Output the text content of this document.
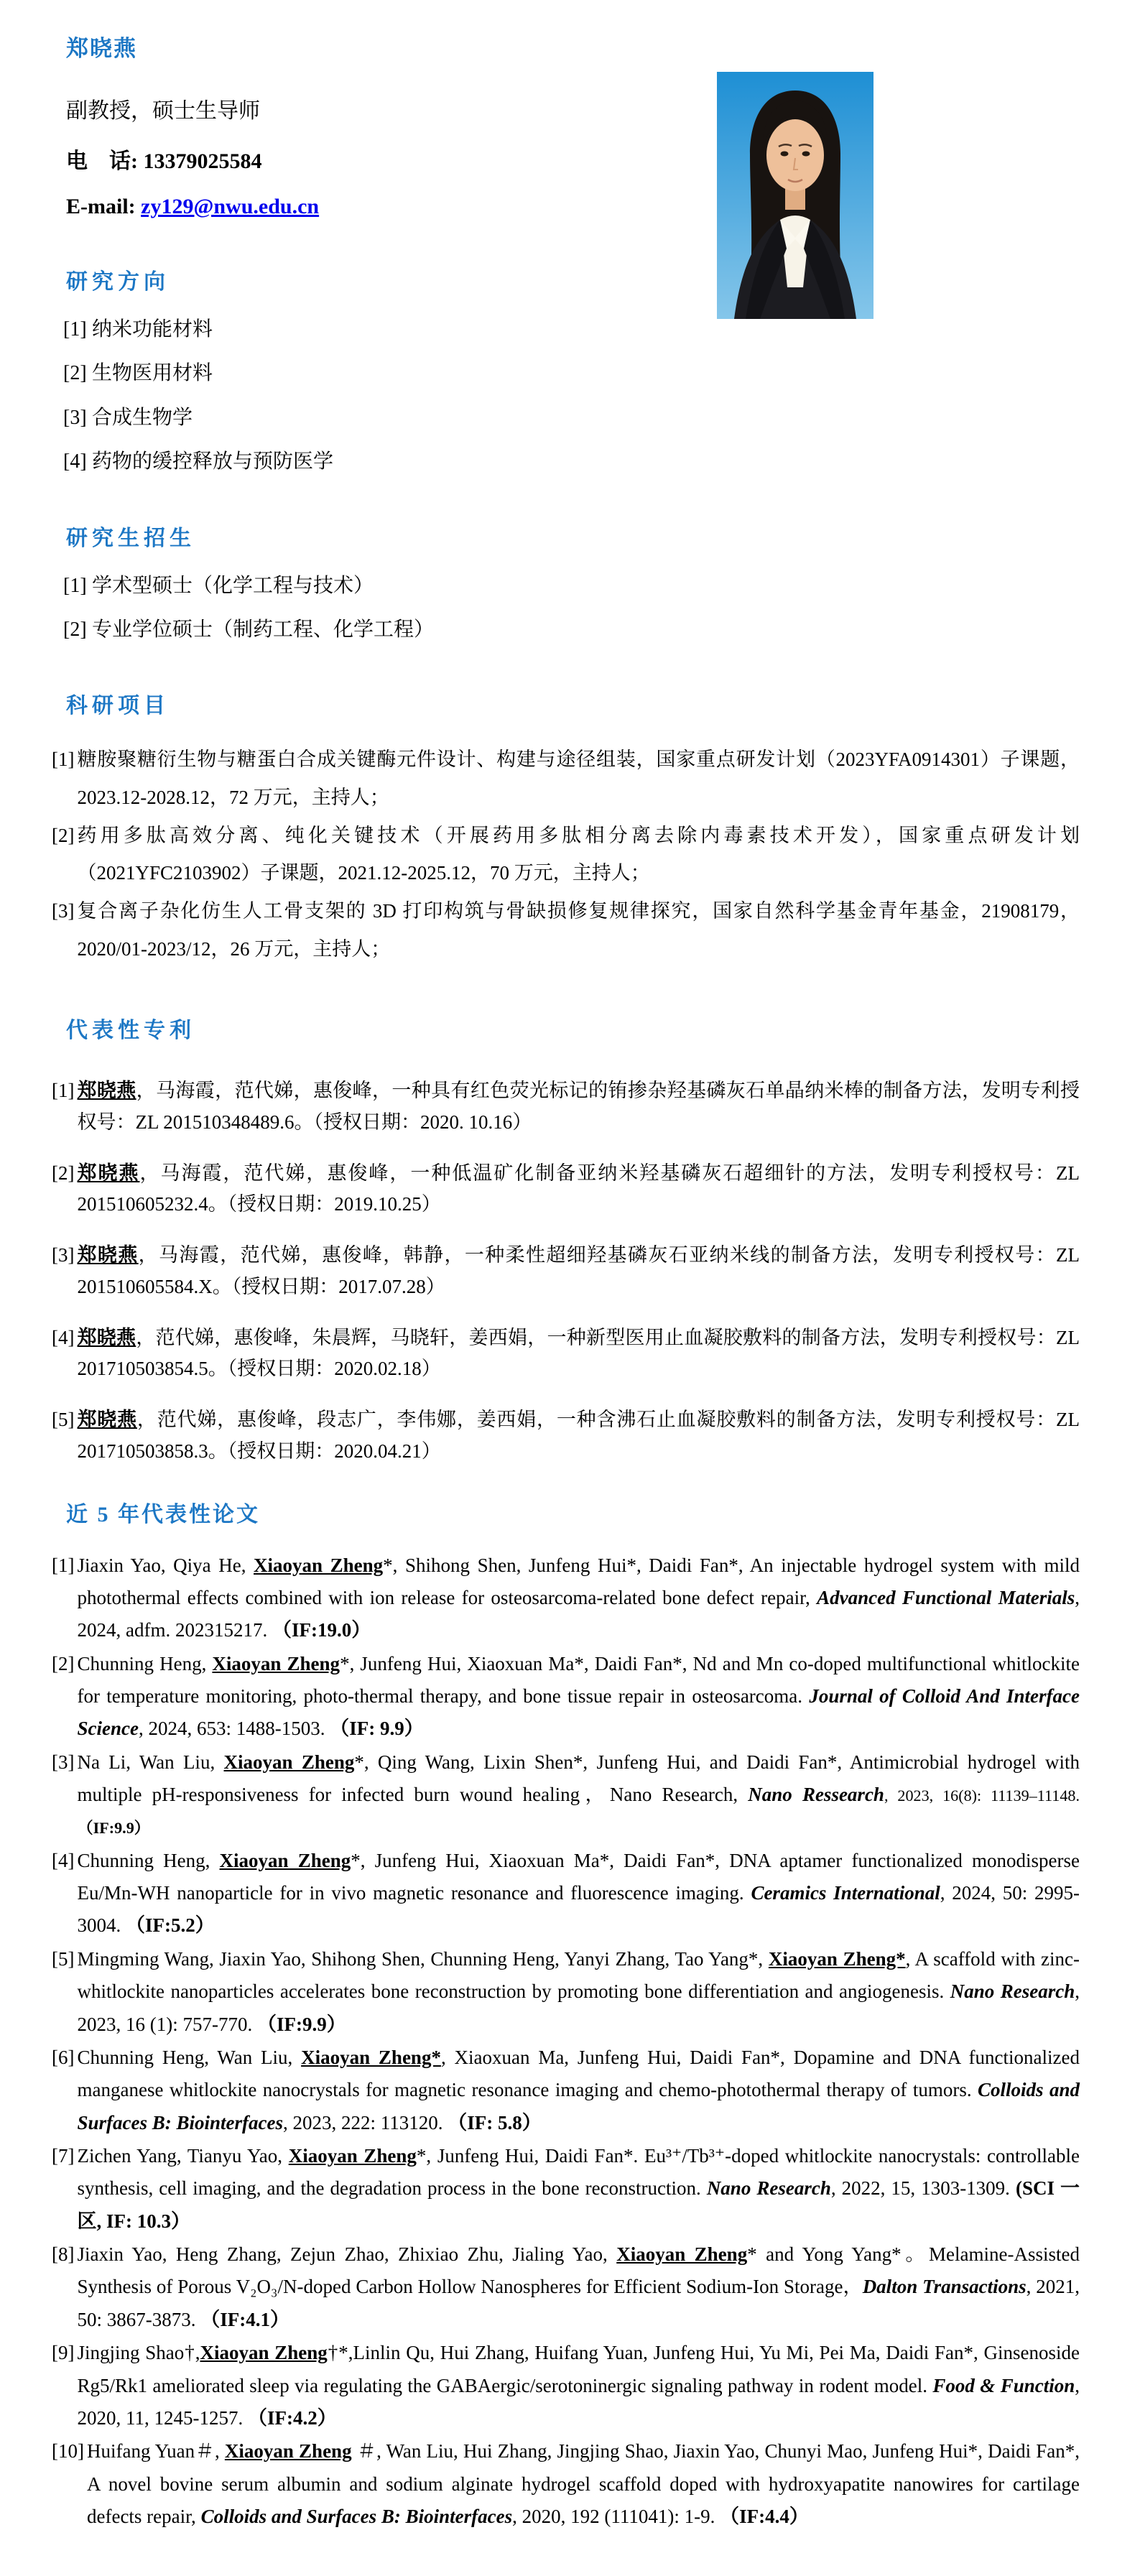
郑晓燕

副教授，硕士生导师

电　话: 13379025584

E-mail: zy129@nwu.edu.cn

研究方向
[1] 纳米功能材料
[2] 生物医用材料
[3] 合成生物学
[4] 药物的缓控释放与预防医学
研究生招生
[1] 学术型硕士（化学工程与技术）
[2] 专业学位硕士（制药工程、化学工程）
科研项目
[1] 糖胺聚糖衍生物与糖蛋白合成关键酶元件设计、构建与途径组装，国家重点研发计划（2023YFA0914301）子课题，2023.12-2028.12，72 万元，主持人；
[2] 药用多肽高效分离、纯化关键技术（开展药用多肽相分离去除内毒素技术开发），国家重点研发计划（2021YFC2103902）子课题，2021.12-2025.12，70 万元，主持人；
[3] 复合离子杂化仿生人工骨支架的 3D 打印构筑与骨缺损修复规律探究，国家自然科学基金青年基金，21908179，2020/01-2023/12，26 万元，主持人；
代表性专利
[1] 郑晓燕，马海霞，范代娣，惠俊峰，一种具有红色荧光标记的铕掺杂羟基磷灰石单晶纳米棒的制备方法，发明专利授权号：ZL 201510348489.6。（授权日期：2020. 10.16）
[2] 郑晓燕，马海霞，范代娣，惠俊峰，一种低温矿化制备亚纳米羟基磷灰石超细针的方法，发明专利授权号：ZL 201510605232.4。（授权日期：2019.10.25）
[3] 郑晓燕，马海霞，范代娣，惠俊峰，韩静，一种柔性超细羟基磷灰石亚纳米线的制备方法，发明专利授权号：ZL 201510605584.X。（授权日期：2017.07.28）
[4] 郑晓燕，范代娣，惠俊峰，朱晨辉，马晓轩，姜西娟，一种新型医用止血凝胶敷料的制备方法，发明专利授权号：ZL 201710503854.5。（授权日期：2020.02.18）
[5] 郑晓燕，范代娣，惠俊峰，段志广，李伟娜，姜西娟，一种含沸石止血凝胶敷料的制备方法，发明专利授权号：ZL 201710503858.3。（授权日期：2020.04.21）
近 5 年代表性论文
[1] Jiaxin Yao, Qiya He, Xiaoyan Zheng*, Shihong Shen, Junfeng Hui*, Daidi Fan*, An injectable hydrogel system with mild photothermal effects combined with ion release for osteosarcoma-related bone defect repair, Advanced Functional Materials, 2024, adfm. 202315217. （IF:19.0）
[2] Chunning Heng, Xiaoyan Zheng*, Junfeng Hui, Xiaoxuan Ma*, Daidi Fan*, Nd and Mn co-doped multifunctional whitlockite for temperature monitoring, photo-thermal therapy, and bone tissue repair in osteosarcoma. Journal of Colloid And Interface Science, 2024, 653: 1488-1503. （IF: 9.9）
[3] Na Li, Wan Liu, Xiaoyan Zheng*, Qing Wang, Lixin Shen*, Junfeng Hui, and Daidi Fan*, Antimicrobial hydrogel with multiple pH-responsiveness for infected burn wound healing，Nano Research, Nano Ressearch, 2023, 16(8): 11139–11148. （IF:9.9）
[4] Chunning Heng, Xiaoyan Zheng*, Junfeng Hui, Xiaoxuan Ma*, Daidi Fan*, DNA aptamer functionalized monodisperse Eu/Mn-WH nanoparticle for in vivo magnetic resonance and fluorescence imaging. Ceramics International, 2024, 50: 2995-3004. （IF:5.2）
[5] Mingming Wang, Jiaxin Yao, Shihong Shen, Chunning Heng, Yanyi Zhang, Tao Yang*, Xiaoyan Zheng*, A scaffold with zinc-whitlockite nanoparticles accelerates bone reconstruction by promoting bone differentiation and angiogenesis. Nano Research, 2023, 16 (1): 757-770. （IF:9.9）
[6] Chunning Heng, Wan Liu, Xiaoyan Zheng*, Xiaoxuan Ma, Junfeng Hui, Daidi Fan*, Dopamine and DNA functionalized manganese whitlockite nanocrystals for magnetic resonance imaging and chemo-photothermal therapy of tumors. Colloids and Surfaces B: Biointerfaces, 2023, 222: 113120. （IF: 5.8）
[7] Zichen Yang, Tianyu Yao, Xiaoyan Zheng*, Junfeng Hui, Daidi Fan*. Eu³⁺/Tb³⁺-doped whitlockite nanocrystals: controllable synthesis, cell imaging, and the degradation process in the bone reconstruction. Nano Research, 2022, 15, 1303-1309. (SCI 一区, IF: 10.3）
[8] Jiaxin Yao, Heng Zhang, Zejun Zhao, Zhixiao Zhu, Jialing Yao, Xiaoyan Zheng* and Yong Yang*。Melamine-Assisted Synthesis of Porous V₂O₃/N-doped Carbon Hollow Nanospheres for Efficient Sodium-Ion Storage，Dalton Transactions, 2021, 50: 3867-3873. （IF:4.1）
[9] Jingjing Shao†,Xiaoyan Zheng†*,Linlin Qu, Hui Zhang, Huifang Yuan, Junfeng Hui, Yu Mi, Pei Ma, Daidi Fan*, Ginsenoside Rg5/Rk1 ameliorated sleep via regulating the GABAergic/serotoninergic signaling pathway in rodent model. Food & Function, 2020, 11, 1245-1257. （IF:4.2）
[10] Huifang Yuan＃, Xiaoyan Zheng ＃, Wan Liu, Hui Zhang, Jingjing Shao, Jiaxin Yao, Chunyi Mao, Junfeng Hui*, Daidi Fan*, A novel bovine serum albumin and sodium alginate hydrogel scaffold doped with hydroxyapatite nanowires for cartilage defects repair, Colloids and Surfaces B: Biointerfaces, 2020, 192 (111041): 1-9. （IF:4.4）
